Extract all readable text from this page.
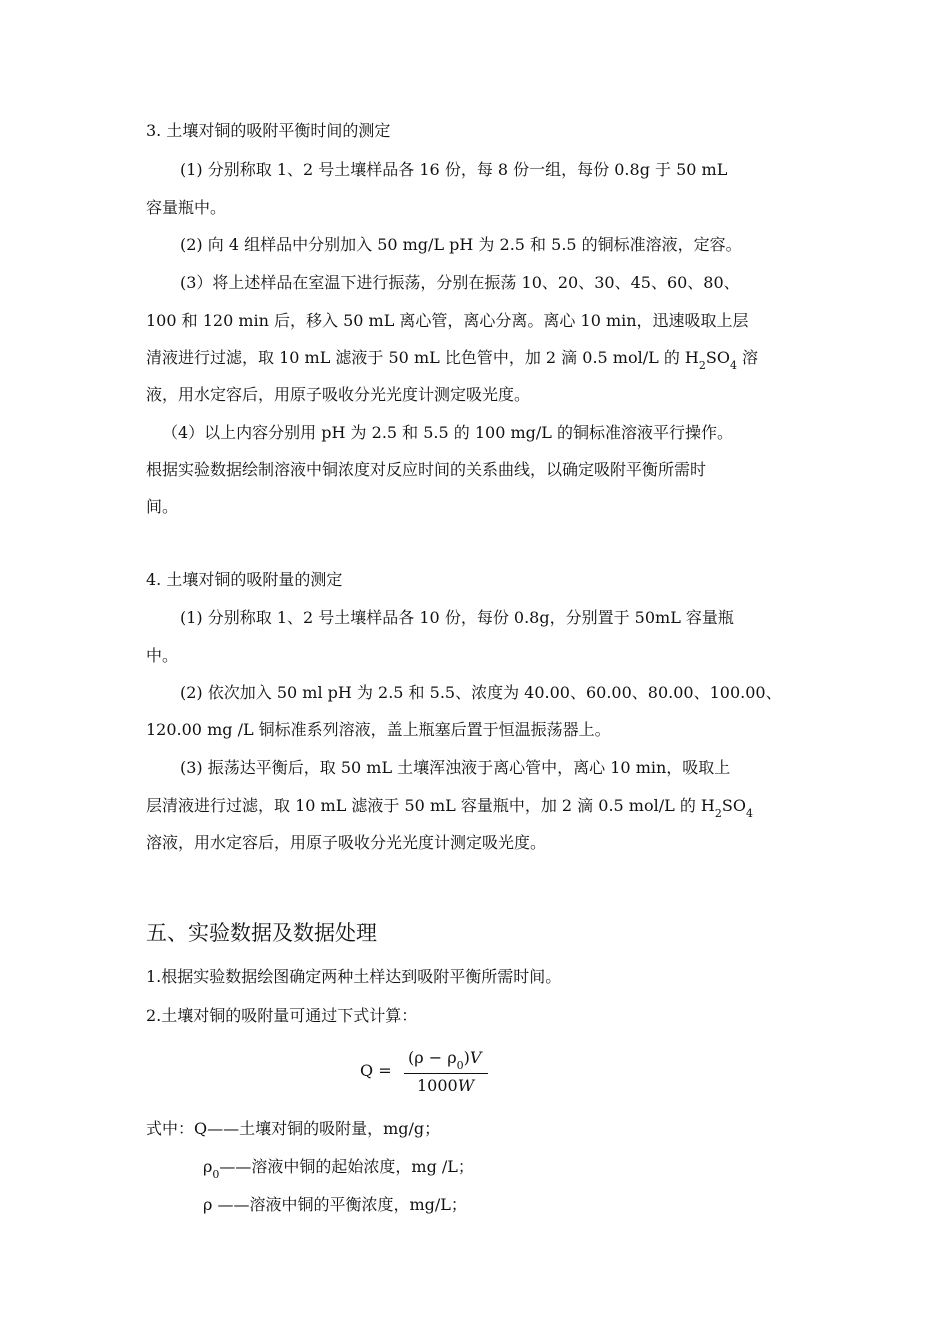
3. 土壤对铜的吸附平衡时间的测定
(1) 分别称取 1、2 号土壤样品各 16 份，每 8 份一组，每份 0.8g 于 50 mL
容量瓶中。
(2) 向 4 组样品中分别加入 50 mg/L pH 为 2.5 和 5.5 的铜标准溶液，定容。
(3）将上述样品在室温下进行振荡，分别在振荡 10、20、30、45、60、80、
100 和 120 min 后，移入 50 mL 离心管，离心分离。离心 10 min，迅速吸取上层
清液进行过滤，取 10 mL 滤液于 50 mL 比色管中，加 2 滴 0.5 mol/L 的 $H_2SO_4$ 溶
液，用水定容后，用原子吸收分光光度计测定吸光度。
（4）以上内容分别用 pH 为 2.5 和 5.5 的 100 mg/L 的铜标准溶液平行操作。
根据实验数据绘制溶液中铜浓度对反应时间的关系曲线，以确定吸附平衡所需时
间。
4. 土壤对铜的吸附量的测定
(1) 分别称取 1、2 号土壤样品各 10 份，每份 0.8g，分别置于 50mL 容量瓶
中。
(2) 依次加入 50 ml pH 为 2.5 和 5.5、浓度为 40.00、60.00、80.00、100.00、
120.00 mg /L 铜标准系列溶液，盖上瓶塞后置于恒温振荡器上。
(3) 振荡达平衡后，取 50 mL 土壤浑浊液于离心管中，离心 10 min，吸取上
层清液进行过滤，取 10 mL 滤液于 50 mL 容量瓶中，加 2 滴 0.5 mol/L 的 $H_2SO_4$
溶液，用水定容后，用原子吸收分光光度计测定吸光度。
五、实验数据及数据处理
1.根据实验数据绘图确定两种土样达到吸附平衡所需时间。
2.土壤对铜的吸附量可通过下式计算：
Q =
$(\rho - \rho_0)V$
1000W
式中：Q——土壤对铜的吸附量，mg/g；
$\rho_0——$溶液中铜的起始浓度，mg /L；
ρ ——溶液中铜的平衡浓度，mg/L；
